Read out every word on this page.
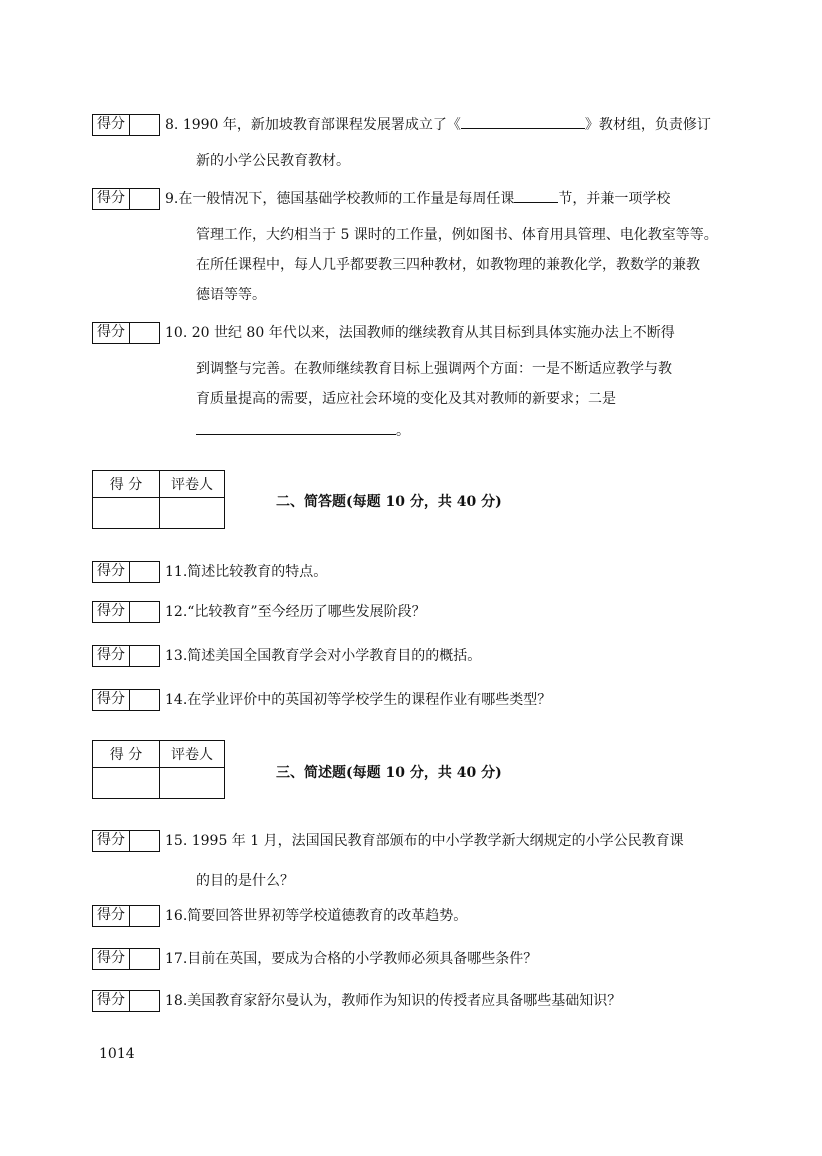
得分	8. 1990 年，新加坡教育部课程发展署成立了《	》教材组，负责修订
新的小学公民教育教材。
得分	9.在一般情况下，德国基础学校教师的工作量是每周任课	节，并兼一项学校
管理工作，大约相当于 5 课时的工作量，例如图书、体育用具管理、电化教室等等。
在所任课程中，每人几乎都要教三四种教材，如教物理的兼教化学，教数学的兼教
德语等等。
得分	10. 20 世纪 80 年代以来，法国教师的继续教育从其目标到具体实施办法上不断得
到调整与完善。在教师继续教育目标上强调两个方面：一是不断适应教学与教
育质量提高的需要，适应社会环境的变化及其对教师的新要求；二是
。
得 分	评卷人

二、简答题(每题 10 分，共 40 分)
得分	11.简述比较教育的特点。
得分	12.“比较教育”至今经历了哪些发展阶段？
得分	13.简述美国全国教育学会对小学教育目的的概括。
得分	14.在学业评价中的英国初等学校学生的课程作业有哪些类型？
得 分	评卷人

三、简述题(每题 10 分，共 40 分)
得分	15. 1995 年 1 月，法国国民教育部颁布的中小学教学新大纲规定的小学公民教育课
的目的是什么？
得分	16.简要回答世界初等学校道德教育的改革趋势。
得分	17.目前在英国，要成为合格的小学教师必须具备哪些条件？
得分	18.美国教育家舒尔曼认为，教师作为知识的传授者应具备哪些基础知识？
1014
